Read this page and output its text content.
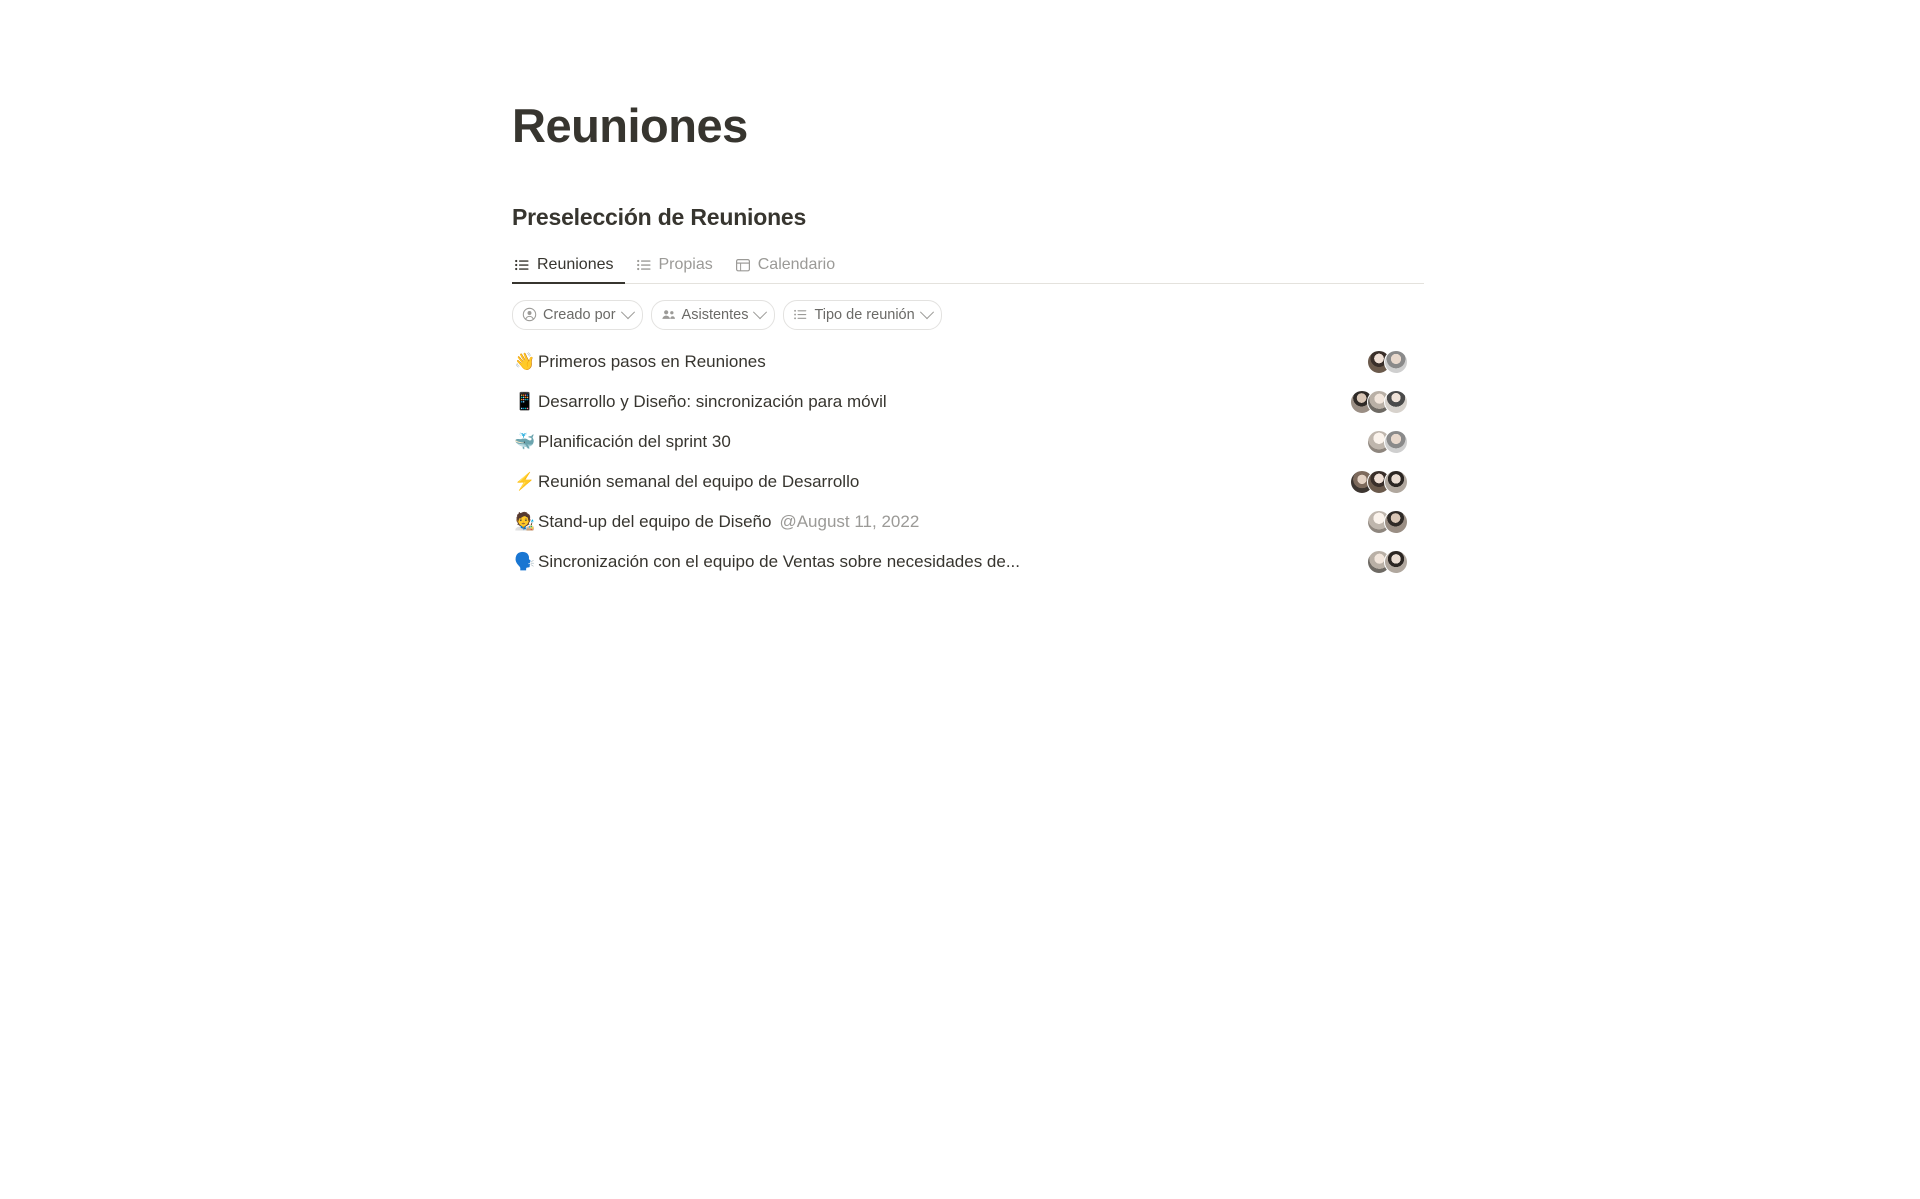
Reuniones
Preselección de Reuniones
Reuniones	Propias	Calendario
Creado por	Asistentes	Tipo de reunión
👋 Primeros pasos en Reuniones
📱 Desarrollo y Diseño: sincronización para móvil
🐳 Planificación del sprint 30
⚡ Reunión semanal del equipo de Desarrollo
🧑‍🎨 Stand-up del equipo de Diseño @August 11, 2022
🗣️ Sincronización con el equipo de Ventas sobre necesidades de...
